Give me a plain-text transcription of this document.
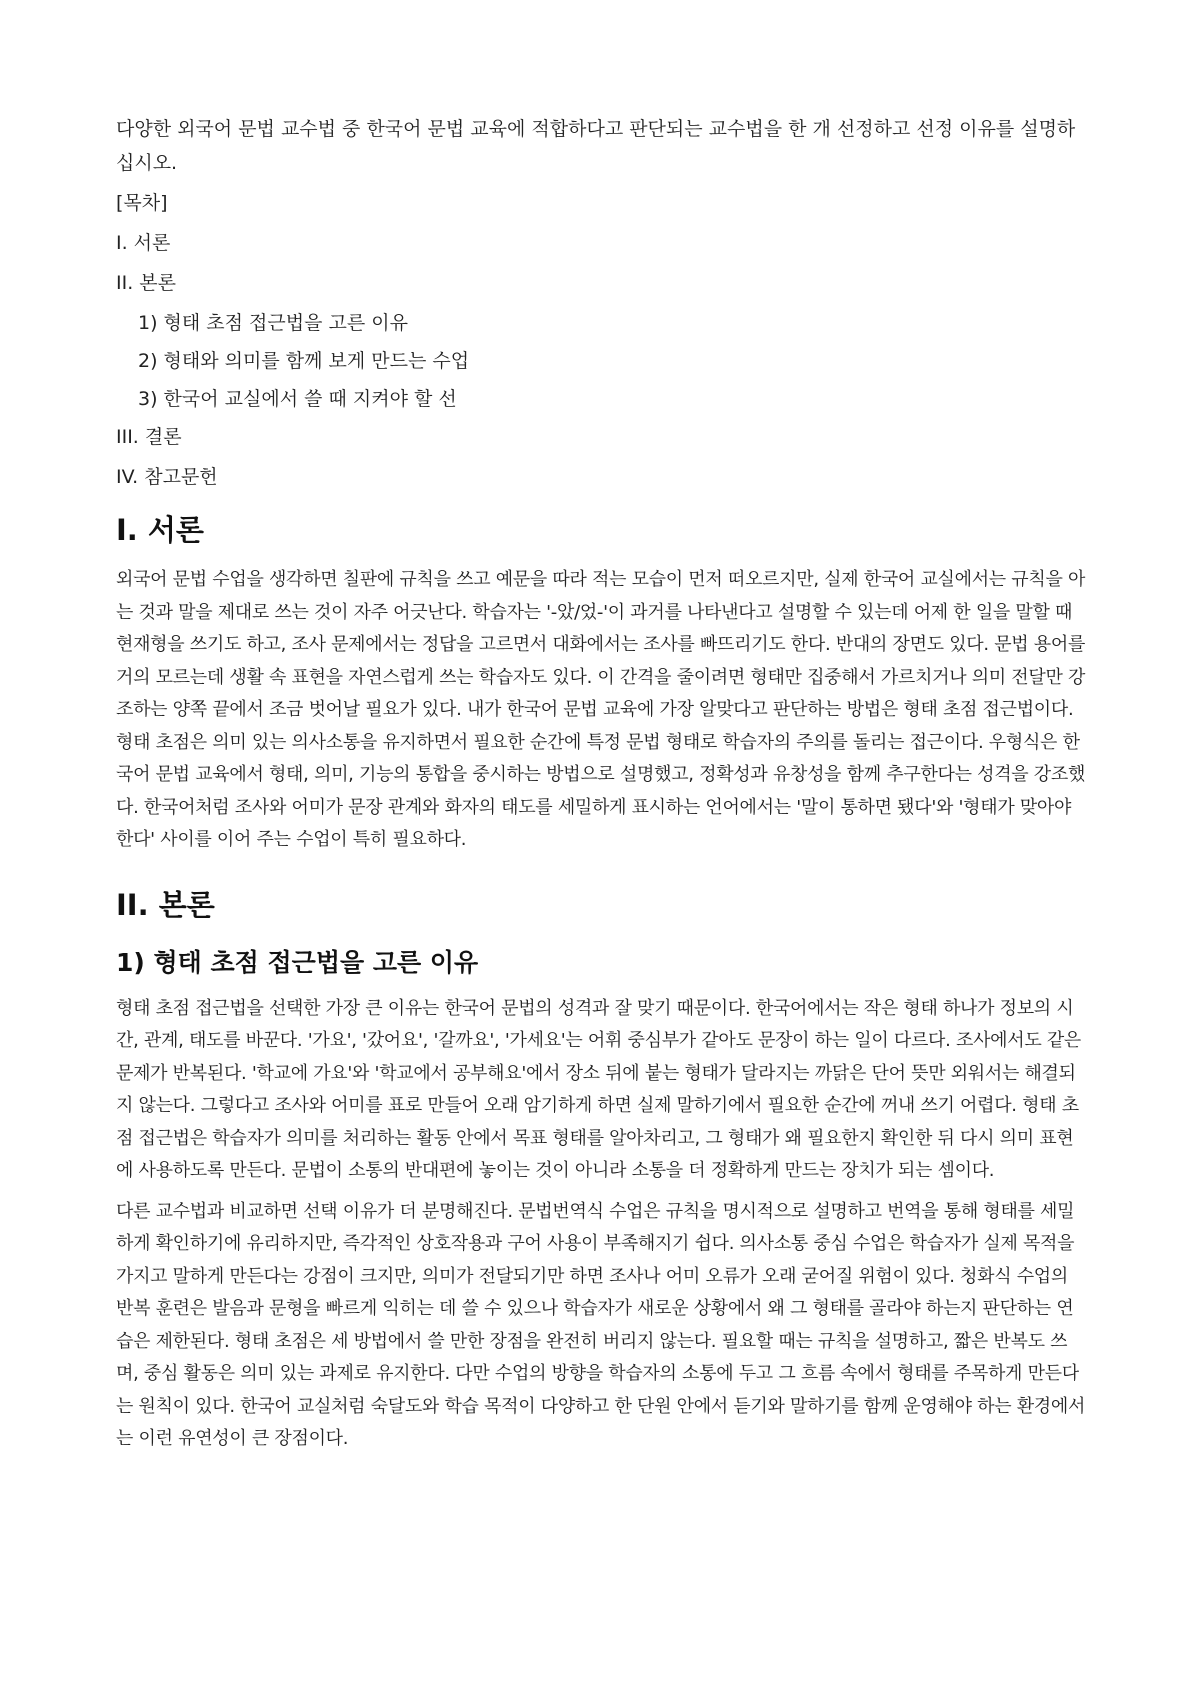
다양한 외국어 문법 교수법 중 한국어 문법 교육에 적합하다고 판단되는 교수법을 한 개 선정하고 선정 이유를 설명하십시오.

[목차]
I. 서론
II. 본론
1) 형태 초점 접근법을 고른 이유
2) 형태와 의미를 함께 보게 만드는 수업
3) 한국어 교실에서 쓸 때 지켜야 할 선
III. 결론
IV. 참고문헌
I. 서론

외국어 문법 수업을 생각하면 칠판에 규칙을 쓰고 예문을 따라 적는 모습이 먼저 떠오르지만, 실제 한국어 교실에서는 규칙을 아는 것과 말을 제대로 쓰는 것이 자주 어긋난다. 학습자는 '-았/었-'이 과거를 나타낸다고 설명할 수 있는데 어제 한 일을 말할 때 현재형을 쓰기도 하고, 조사 문제에서는 정답을 고르면서 대화에서는 조사를 빠뜨리기도 한다. 반대의 장면도 있다. 문법 용어를 거의 모르는데 생활 속 표현을 자연스럽게 쓰는 학습자도 있다. 이 간격을 줄이려면 형태만 집중해서 가르치거나 의미 전달만 강조하는 양쪽 끝에서 조금 벗어날 필요가 있다. 내가 한국어 문법 교육에 가장 알맞다고 판단하는 방법은 형태 초점 접근법이다. 형태 초점은 의미 있는 의사소통을 유지하면서 필요한 순간에 특정 문법 형태로 학습자의 주의를 돌리는 접근이다. 우형식은 한국어 문법 교육에서 형태, 의미, 기능의 통합을 중시하는 방법으로 설명했고, 정확성과 유창성을 함께 추구한다는 성격을 강조했다. 한국어처럼 조사와 어미가 문장 관계와 화자의 태도를 세밀하게 표시하는 언어에서는 '말이 통하면 됐다'와 '형태가 맞아야 한다' 사이를 이어 주는 수업이 특히 필요하다.

II. 본론
1) 형태 초점 접근법을 고른 이유

형태 초점 접근법을 선택한 가장 큰 이유는 한국어 문법의 성격과 잘 맞기 때문이다. 한국어에서는 작은 형태 하나가 정보의 시간, 관계, 태도를 바꾼다. '가요', '갔어요', '갈까요', '가세요'는 어휘 중심부가 같아도 문장이 하는 일이 다르다. 조사에서도 같은 문제가 반복된다. '학교에 가요'와 '학교에서 공부해요'에서 장소 뒤에 붙는 형태가 달라지는 까닭은 단어 뜻만 외워서는 해결되지 않는다. 그렇다고 조사와 어미를 표로 만들어 오래 암기하게 하면 실제 말하기에서 필요한 순간에 꺼내 쓰기 어렵다. 형태 초점 접근법은 학습자가 의미를 처리하는 활동 안에서 목표 형태를 알아차리고, 그 형태가 왜 필요한지 확인한 뒤 다시 의미 표현에 사용하도록 만든다. 문법이 소통의 반대편에 놓이는 것이 아니라 소통을 더 정확하게 만드는 장치가 되는 셈이다.

다른 교수법과 비교하면 선택 이유가 더 분명해진다. 문법번역식 수업은 규칙을 명시적으로 설명하고 번역을 통해 형태를 세밀하게 확인하기에 유리하지만, 즉각적인 상호작용과 구어 사용이 부족해지기 쉽다. 의사소통 중심 수업은 학습자가 실제 목적을 가지고 말하게 만든다는 강점이 크지만, 의미가 전달되기만 하면 조사나 어미 오류가 오래 굳어질 위험이 있다. 청화식 수업의 반복 훈련은 발음과 문형을 빠르게 익히는 데 쓸 수 있으나 학습자가 새로운 상황에서 왜 그 형태를 골라야 하는지 판단하는 연습은 제한된다. 형태 초점은 세 방법에서 쓸 만한 장점을 완전히 버리지 않는다. 필요할 때는 규칙을 설명하고, 짧은 반복도 쓰며, 중심 활동은 의미 있는 과제로 유지한다. 다만 수업의 방향을 학습자의 소통에 두고 그 흐름 속에서 형태를 주목하게 만든다는 원칙이 있다. 한국어 교실처럼 숙달도와 학습 목적이 다양하고 한 단원 안에서 듣기와 말하기를 함께 운영해야 하는 환경에서는 이런 유연성이 큰 장점이다.
